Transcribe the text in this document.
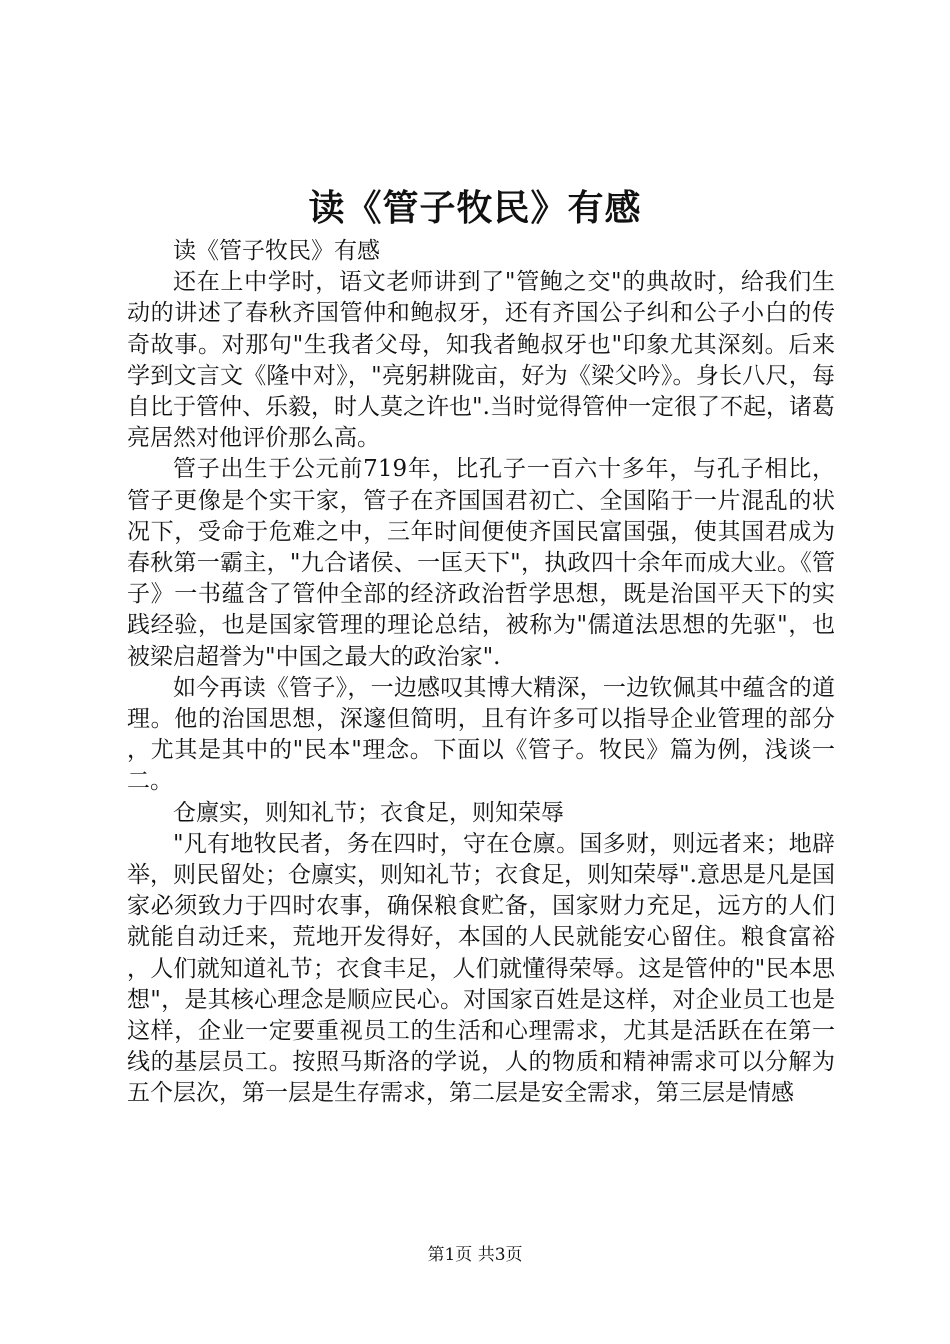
读《管子牧民》有感

读《管子牧民》有感

还在上中学时，语文老师讲到了"管鲍之交"的典故时，给我们生动的讲述了春秋齐国管仲和鲍叔牙，还有齐国公子纠和公子小白的传奇故事。对那句"生我者父母，知我者鲍叔牙也"印象尤其深刻。后来学到文言文《隆中对》，"亮躬耕陇亩，好为《梁父吟》。身长八尺，每自比于管仲、乐毅，时人莫之许也".当时觉得管仲一定很了不起，诸葛亮居然对他评价那么高。

管子出生于公元前719年，比孔子一百六十多年，与孔子相比，管子更像是个实干家，管子在齐国国君初亡、全国陷于一片混乱的状况下，受命于危难之中，三年时间便使齐国民富国强，使其国君成为春秋第一霸主，"九合诸侯、一匡天下"，执政四十余年而成大业。《管子》一书蕴含了管仲全部的经济政治哲学思想，既是治国平天下的实践经验，也是国家管理的理论总结，被称为"儒道法思想的先驱"，也被梁启超誉为"中国之最大的政治家".

如今再读《管子》，一边感叹其博大精深，一边钦佩其中蕴含的道理。他的治国思想，深邃但简明，且有许多可以指导企业管理的部分，尤其是其中的"民本"理念。下面以《管子。牧民》篇为例，浅谈一二。

仓廪实，则知礼节；衣食足，则知荣辱

"凡有地牧民者，务在四时，守在仓廪。国多财，则远者来；地辟举，则民留处；仓廪实，则知礼节；衣食足，则知荣辱".意思是凡是国家必须致力于四时农事，确保粮食贮备，国家财力充足，远方的人们就能自动迁来，荒地开发得好，本国的人民就能安心留住。粮食富裕，人们就知道礼节；衣食丰足，人们就懂得荣辱。这是管仲的"民本思想"，是其核心理念是顺应民心。对国家百姓是这样，对企业员工也是这样，企业一定要重视员工的生活和心理需求，尤其是活跃在在第一线的基层员工。按照马斯洛的学说，人的物质和精神需求可以分解为五个层次，第一层是生存需求，第二层是安全需求，第三层是情感

第1页 共3页
